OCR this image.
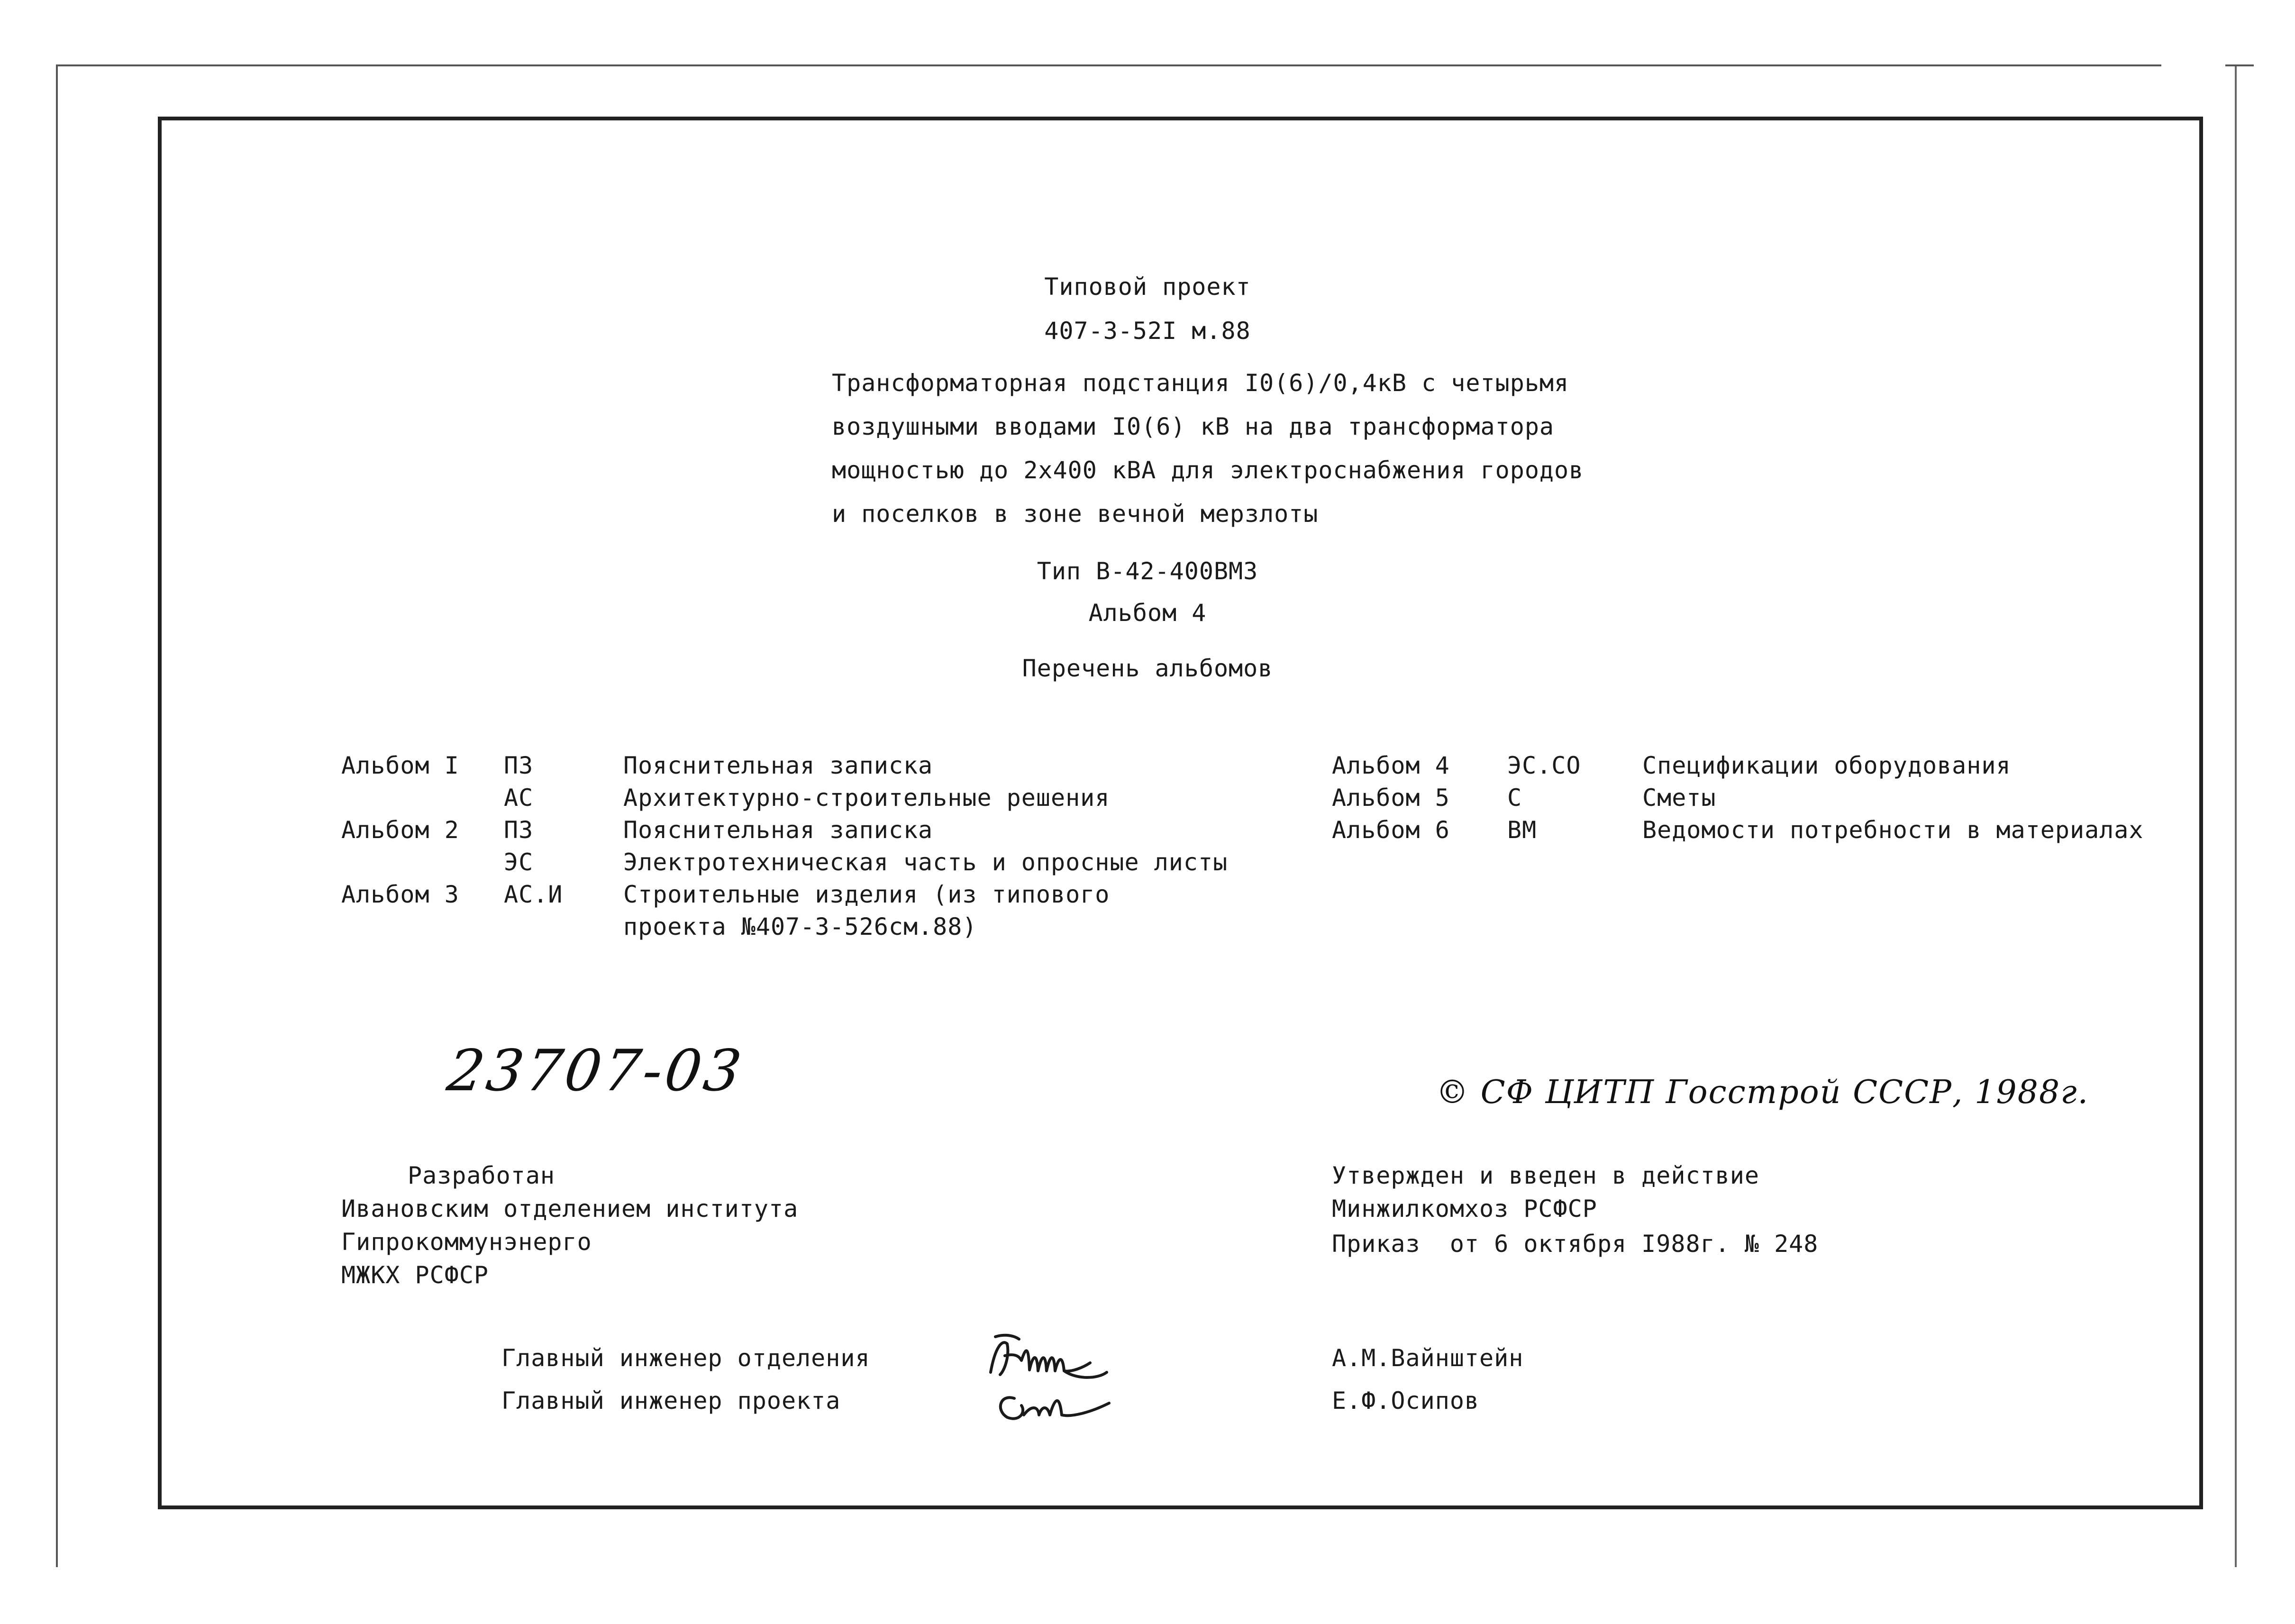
Типовой проект
407-3-52I м.88
Трансформаторная подстанция I0(6)/0,4кВ с четырьмя
воздушными вводами I0(6) кВ на два трансформатора
мощностью до 2х400 кВА для электроснабжения городов
и поселков в зоне вечной мерзлоты
Тип В-42-400ВМЗ
Альбом 4
Перечень альбомов
Альбом I ПЗ	Пояснительная записка
АС	Архитектурно-строительные решения
Альбом 2 ПЗ	Пояснительная записка
ЭС	Электротехническая часть и опросные листы
Альбом 3 АС.И	Строительные изделия (из типового
проекта №407-3-526см.88)
Альбом 4 ЭС.СО	Спецификации оборудования
Альбом 5 С	Сметы
Альбом 6 ВМ	Ведомости потребности в материалах
23707-03	© СФ ЦИТП Госстрой СССР, 1988г.
Разработан
Ивановским отделением института
Гипрокоммунэнерго
МЖКХ РСФСР
Утвержден и введен в действие
Минжилкомхоз РСФСР
Приказ  от 6 октября I988г. № 248
Главный инженер отделения	А.М.Вайнштейн
Главный инженер проекта	Е.Ф.Осипов
